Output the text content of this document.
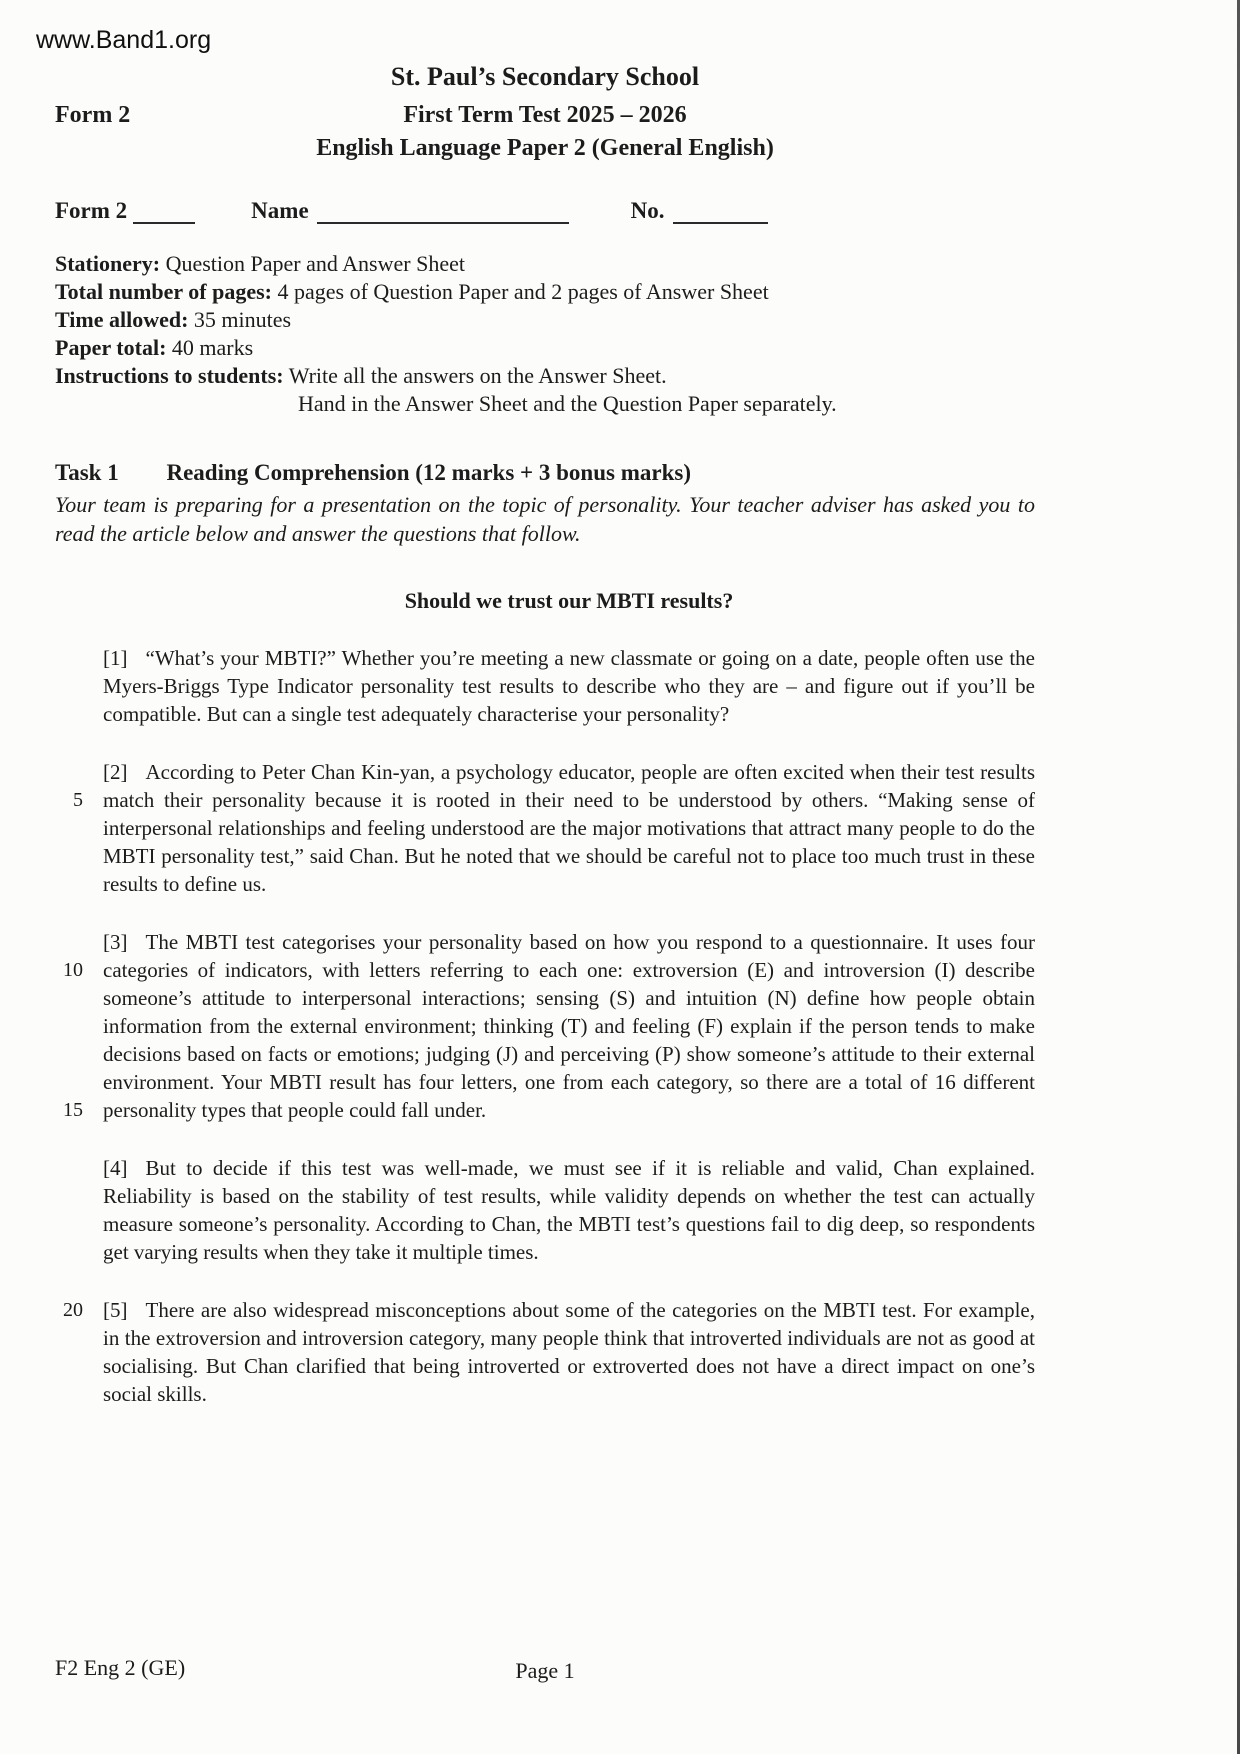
www.Band1.org
St. Paul’s Secondary School
Form 2	First Term Test 2025 – 2026
English Language Paper 2 (General English)
Form 2	Name	No.
Stationery: Question Paper and Answer Sheet
Total number of pages: 4 pages of Question Paper and 2 pages of Answer Sheet
Time allowed: 35 minutes
Paper total: 40 marks
Instructions to students: Write all the answers on the Answer Sheet.
Hand in the Answer Sheet and the Question Paper separately.
Task 1 Reading Comprehension (12 marks + 3 bonus marks)
Your team is preparing for a presentation on the topic of personality. Your teacher adviser has asked you to read the article below and answer the questions that follow.
Should we trust our MBTI results?
[1] “What’s your MBTI?” Whether you’re meeting a new classmate or going on a date, people often use the Myers-Briggs Type Indicator personality test results to describe who they are – and figure out if you’ll be compatible. But can a single test adequately characterise your personality?
5
[2] According to Peter Chan Kin-yan, a psychology educator, people are often excited when their test results match their personality because it is rooted in their need to be understood by others. “Making sense of interpersonal relationships and feeling understood are the major motivations that attract many people to do the MBTI personality test,” said Chan. But he noted that we should be careful not to place too much trust in these results to define us.
10
15
[3] The MBTI test categorises your personality based on how you respond to a questionnaire. It uses four categories of indicators, with letters referring to each one: extroversion (E) and introversion (I) describe someone’s attitude to interpersonal interactions; sensing (S) and intuition (N) define how people obtain information from the external environment; thinking (T) and feeling (F) explain if the person tends to make decisions based on facts or emotions; judging (J) and perceiving (P) show someone’s attitude to their external environment. Your MBTI result has four letters, one from each category, so there are a total of 16 different personality types that people could fall under.
[4] But to decide if this test was well-made, we must see if it is reliable and valid, Chan explained. Reliability is based on the stability of test results, while validity depends on whether the test can actually measure someone’s personality. According to Chan, the MBTI test’s questions fail to dig deep, so respondents get varying results when they take it multiple times.
20 [5] There are also widespread misconceptions about some of the categories on the MBTI test. For example, in the extroversion and introversion category, many people think that introverted individuals are not as good at socialising. But Chan clarified that being introverted or extroverted does not have a direct impact on one’s social skills.
F2 Eng 2 (GE)	Page 1
